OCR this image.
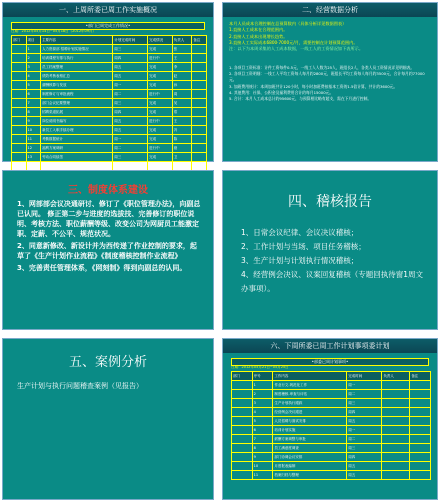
一、上周所委已周工作实施概况
•部门已周完成工作情况•
日期：2012年05月14日~05月18日（2012年09月）
部门	项目	主要内容	计划完成时间	完成情况	负责人	备注
	1	人力资源部 招聘计划实施情况	周三	完成	张	
	2	培训课程安排与执行	周四	进行中	王	
	3	员工档案整理	周五	完成	李	
	4	绩效考核表格汇总	周五	完成	赵	
	5	薪酬核算与发放	周一	完成	孙	
	6	制度修订与审批流程	周二	进行中	周	
	7	部门会议纪要整理	周三	完成	吴	
	8	招聘渠道拓展	周四	完成	郑	
	9	岗位说明书编写	周五	进行中	王	
	10	新员工入职手续办理	周五	完成	冯	
	11	考勤数据统计	周一	完成	陈	
	12	福利方案调研	周二	进行中	褚	
	13	劳动合同续签	周三	完成	卫	
	14	月度工作总结	周五	完成	蒋	
二、经营数据分析
本月人员成本合理控制在总预算数内（具体分析详见数据图表）
1.直接人工成本在合理范围内。
2.直接人工成本出现增长趋势。
3.直接人工实际成本6800·7000元/月，需要控制在计划预算范围内。
注：以下为本周采集的人工成本数据，一线工人的工资情况如下表所示。
1. 各项目工资标准：计件工资每件0.5元，一线工人人数为25人，班组长2人，各类人员工资情况详见明细表。
2. 各项目工资明细：一线工人平均工资每人每月约2800元，班组长平均工资每人每月约3500元，合计每月约77000元。
3. 加班费用统计：本周加班共计120小时，每小时加班费按基本工资的1.5倍计算，共计约3600元。
4. 其他费用：社保、公积金及福利费用合计约每月15000元。
5. 合计：本月人工成本总计约95600元，与预算相比略有超支，需在下月进行控制。
三、制度体系建设
1、网部部会议决通研讨、修订了《职位管理办法》，向副总已认同。 修正第二步与进度的选拔技、完善修订的职位说明、考核方法、职位薪酬等级、改变公司为网厨员工能激定职、定薪、不公平、规范状况。
2、同意新修改、新设计并为西传递了作业控制的要求，起草了《生产计划作业流程》《制度稽核控制作业流程》
3、完善责任管理体系，《网刻制》得到向副总的认同。
四、稽核报告
1、日常会议纪律、会议决议稽核；
2、工作计划与当场、项目任务稽核；
3、生产计划与计划执行情况稽核；
4、经营例会决议、议案回复稽核（专题回执待窗1周文办事项）。
五、案例分析
生产计划与执行问题稽查案例（见报告）
六、下周所委已周工作计划事项委计划
•部委已周计划事项•
日期：2012年05月21日~05月25日
部门	序号	工作内容	完成时间	负责人	备注
	1	作业行文-规范化工作	周一		
	2	制度稽核-审查与评估	周二		
	3	生产计划执行跟踪	周三		
	4	经营例会决议跟进	周四		
	5	人员招聘与面试安排	周五		
	6	培训计划实施	周一		
	7	薪酬方案调整与审批	周二		
	8	员工满意度调查	周三		
	9	部门协调会议安排	周四		
	10	月度报表编制	周五		
	11	档案归档与整理	周五		
